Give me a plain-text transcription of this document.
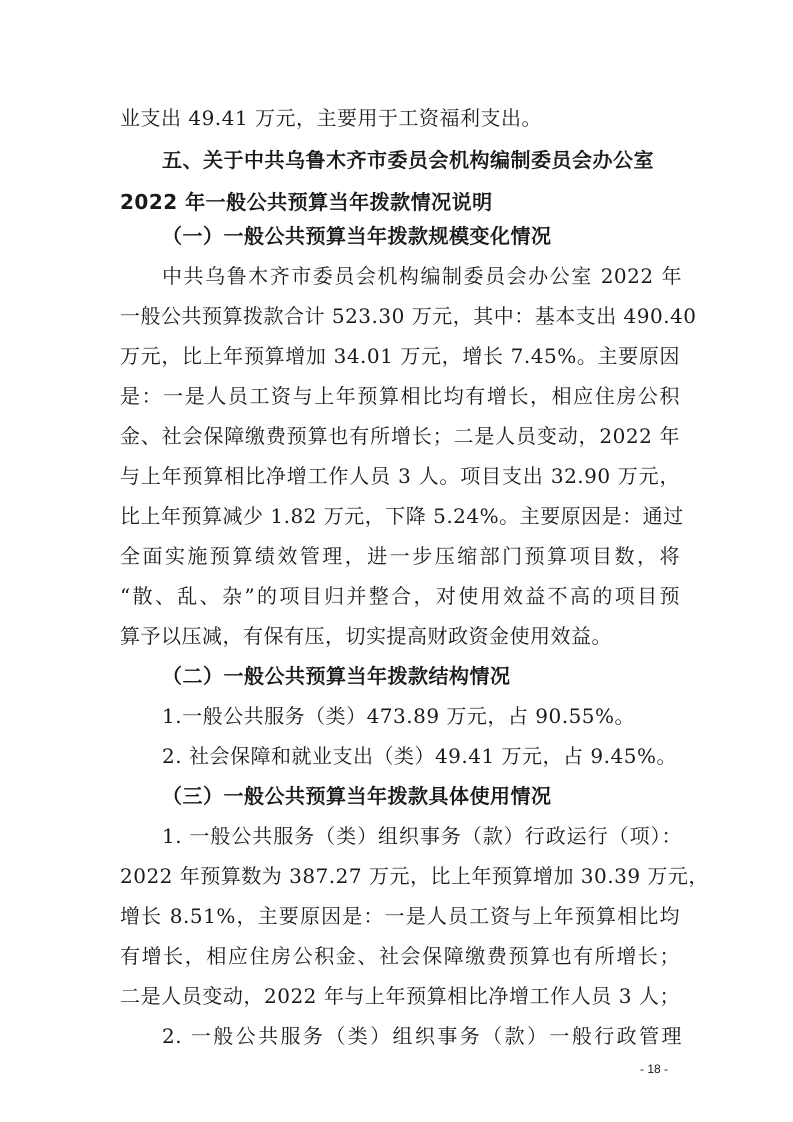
业支出 49.41 万元，主要用于工资福利支出。
五、关于中共乌鲁木齐市委员会机构编制委员会办公室
2022 年一般公共预算当年拨款情况说明
（一）一般公共预算当年拨款规模变化情况
中共乌鲁木齐市委员会机构编制委员会办公室 2022 年
一般公共预算拨款合计 523.30 万元，其中：基本支出 490.40
万元，比上年预算增加 34.01 万元，增长 7.45%。主要原因
是：一是人员工资与上年预算相比均有增长，相应住房公积
金、社会保障缴费预算也有所增长；二是人员变动，2022 年
与上年预算相比净增工作人员 3 人。项目支出 32.90 万元，
比上年预算减少 1.82 万元，下降 5.24%。主要原因是：通过
全面实施预算绩效管理，进一步压缩部门预算项目数，将
“散、乱、杂”的项目归并整合，对使用效益不高的项目预
算予以压减，有保有压，切实提高财政资金使用效益。
（二）一般公共预算当年拨款结构情况
1.一般公共服务（类）473.89 万元，占 90.55%。
2. 社会保障和就业支出（类）49.41 万元，占 9.45%。
（三）一般公共预算当年拨款具体使用情况
1. 一般公共服务（类）组织事务（款）行政运行（项）：
2022 年预算数为 387.27 万元，比上年预算增加 30.39 万元，
增长 8.51%，主要原因是：一是人员工资与上年预算相比均
有增长，相应住房公积金、社会保障缴费预算也有所增长；
二是人员变动，2022 年与上年预算相比净增工作人员 3 人；
2. 一般公共服务（类）组织事务（款）一般行政管理
- 18 -
